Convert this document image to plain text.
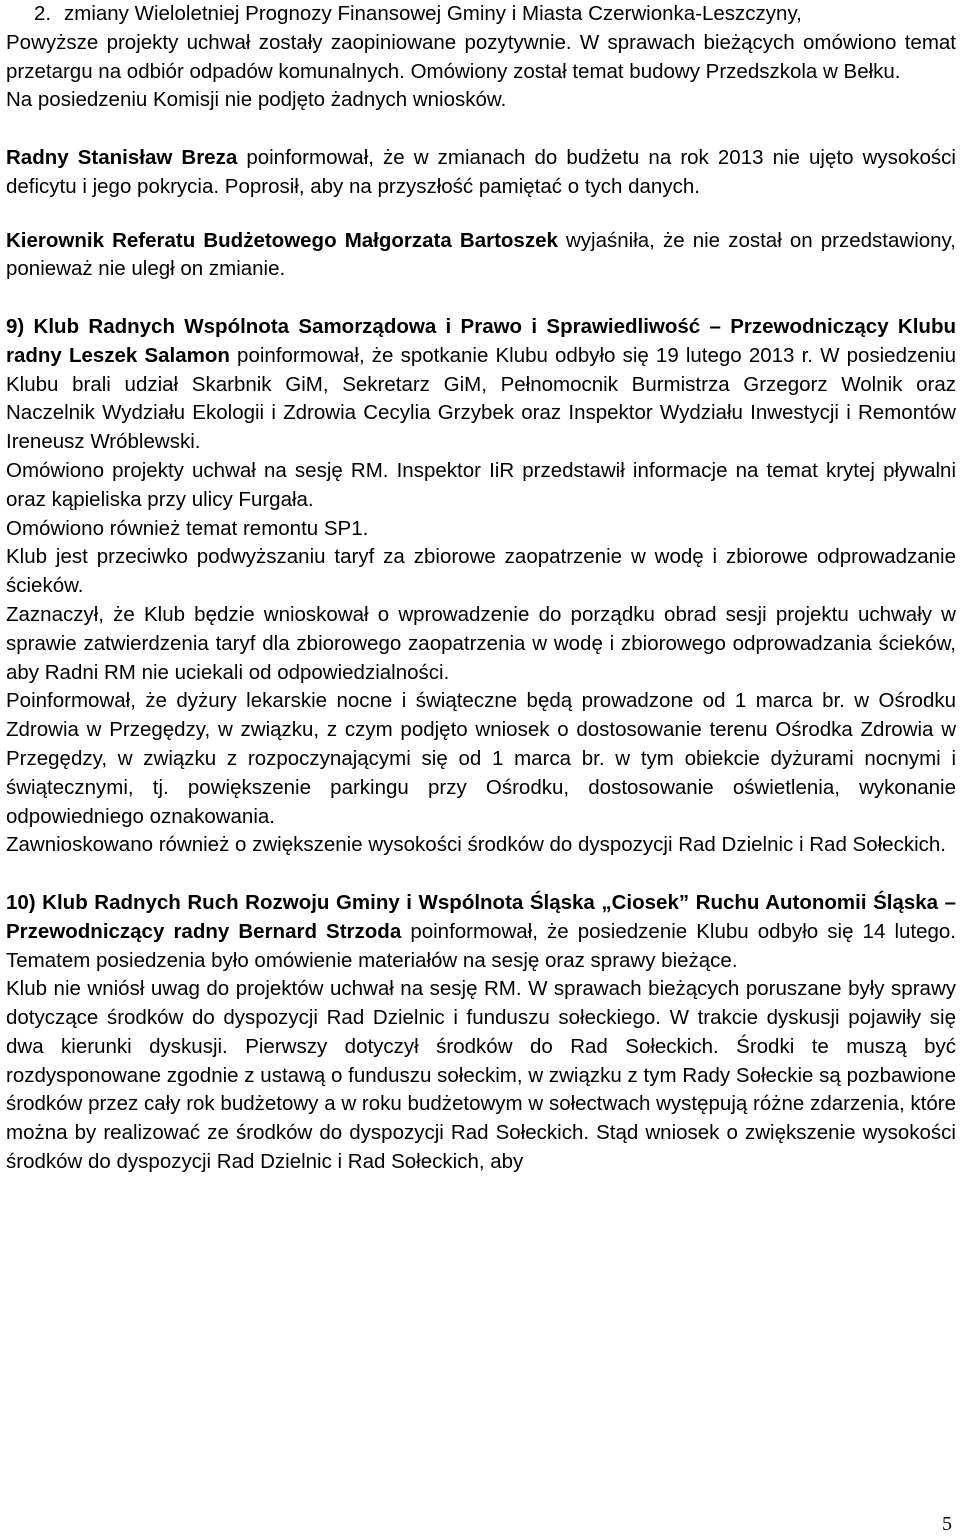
2. zmiany Wieloletniej Prognozy Finansowej Gminy i Miasta Czerwionka-Leszczyny,

Powyższe projekty uchwał zostały zaopiniowane pozytywnie. W sprawach bieżących omówiono temat przetargu na odbiór odpadów komunalnych. Omówiony został temat budowy Przedszkola w Bełku.

Na posiedzeniu Komisji nie podjęto żadnych wniosków.

Radny Stanisław Breza poinformował, że w zmianach do budżetu na rok 2013 nie ujęto wysokości deficytu i jego pokrycia. Poprosił, aby na przyszłość pamiętać o tych danych.

Kierownik Referatu Budżetowego Małgorzata Bartoszek wyjaśniła, że nie został on przedstawiony, ponieważ nie uległ on zmianie.

9) Klub Radnych Wspólnota Samorządowa i Prawo i Sprawiedliwość – Przewodniczący Klubu radny Leszek Salamon poinformował, że spotkanie Klubu odbyło się 19 lutego 2013 r. W posiedzeniu Klubu brali udział Skarbnik GiM, Sekretarz GiM, Pełnomocnik Burmistrza Grzegorz Wolnik oraz Naczelnik Wydziału Ekologii i Zdrowia Cecylia Grzybek oraz Inspektor Wydziału Inwestycji i Remontów Ireneusz Wróblewski.

Omówiono projekty uchwał na sesję RM. Inspektor IiR przedstawił informacje na temat krytej pływalni oraz kąpieliska przy ulicy Furgała.

Omówiono również temat remontu SP1.

Klub jest przeciwko podwyższaniu taryf za zbiorowe zaopatrzenie w wodę i zbiorowe odprowadzanie ścieków.

Zaznaczył, że Klub będzie wnioskował o wprowadzenie do porządku obrad sesji projektu uchwały w sprawie zatwierdzenia taryf dla zbiorowego zaopatrzenia w wodę i zbiorowego odprowadzania ścieków, aby Radni RM nie uciekali od odpowiedzialności.

Poinformował, że dyżury lekarskie nocne i świąteczne będą prowadzone od 1 marca br. w Ośrodku Zdrowia w Przegędzy, w związku, z czym podjęto wniosek o dostosowanie terenu Ośrodka Zdrowia w Przegędzy, w związku z rozpoczynającymi się od 1 marca br. w tym obiekcie dyżurami nocnymi i świątecznymi, tj. powiększenie parkingu przy Ośrodku, dostosowanie oświetlenia, wykonanie odpowiedniego oznakowania.

Zawnioskowano również o zwiększenie wysokości środków do dyspozycji Rad Dzielnic i Rad Sołeckich.

10) Klub Radnych Ruch Rozwoju Gminy i Wspólnota Śląska „Ciosek” Ruchu Autonomii Śląska – Przewodniczący radny Bernard Strzoda poinformował, że posiedzenie Klubu odbyło się 14 lutego. Tematem posiedzenia było omówienie materiałów na sesję oraz sprawy bieżące.

Klub nie wniósł uwag do projektów uchwał na sesję RM. W sprawach bieżących poruszane były sprawy dotyczące środków do dyspozycji Rad Dzielnic i funduszu sołeckiego. W trakcie dyskusji pojawiły się dwa kierunki dyskusji. Pierwszy dotyczył środków do Rad Sołeckich. Środki te muszą być rozdysponowane zgodnie z ustawą o funduszu sołeckim, w związku z tym Rady Sołeckie są pozbawione środków przez cały rok budżetowy a w roku budżetowym w sołectwach występują różne zdarzenia, które można by realizować ze środków do dyspozycji Rad Sołeckich. Stąd wniosek o zwiększenie wysokości środków do dyspozycji Rad Dzielnic i Rad Sołeckich, aby

5
